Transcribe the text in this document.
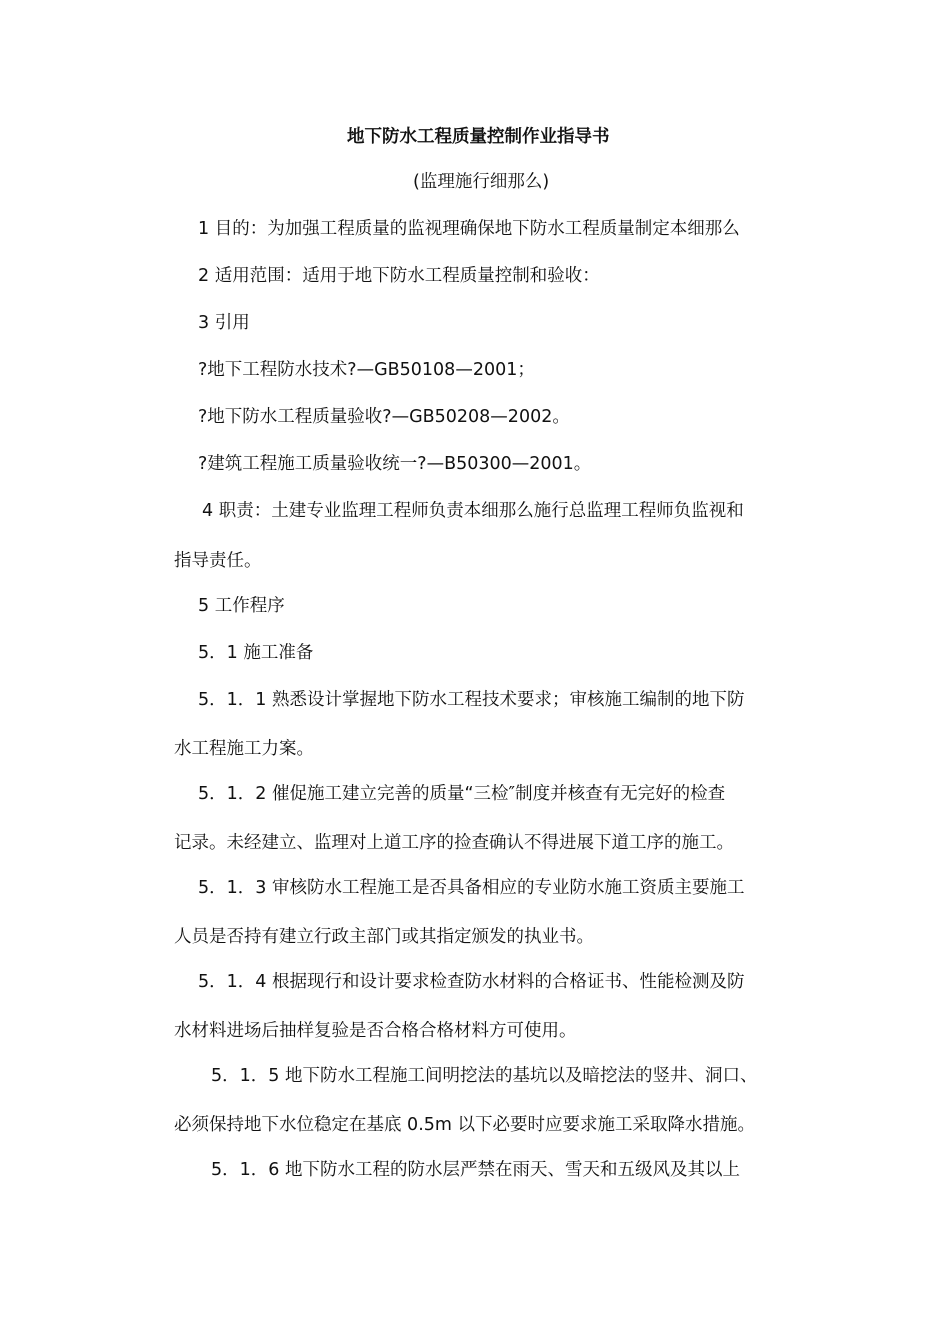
地下防水工程质量控制作业指导书
(监理施行细那么)
1 目的：为加强工程质量的监视理确保地下防水工程质量制定本细那么
2 适用范围：适用于地下防水工程质量控制和验收：
3 引用
?地下工程防水技术?—GB50108—2001；
?地下防水工程质量验收?—GB50208—2002。
?建筑工程施工质量验收统一?—B50300—2001。
4 职责：土建专业监理工程师负责本细那么施行总监理工程师负监视和
指导责任。
5 工作程序
5．1 施工准备
5．1．1 熟悉设计掌握地下防水工程技术要求；审核施工编制的地下防
水工程施工力案。
5．1．2 催促施工建立完善的质量“三检″制度并核查有无完好的检查
记录。未经建立、监理对上道工序的捡查确认不得进展下道工序的施工。
5．1．3 审核防水工程施工是否具备相应的专业防水施工资质主要施工
人员是否持有建立行政主部门或其指定颁发的执业书。
5．1．4 根据现行和设计要求检查防水材料的合格证书、性能检测及防
水材料进场后抽样复验是否合格合格材料方可使用。
5．1．5 地下防水工程施工间明挖法的基坑以及暗挖法的竖井、洞口、
必须保持地下水位稳定在基底 0.5m 以下必要时应要求施工采取降水措施。
5．1．6 地下防水工程的防水层严禁在雨天、雪天和五级风及其以上
